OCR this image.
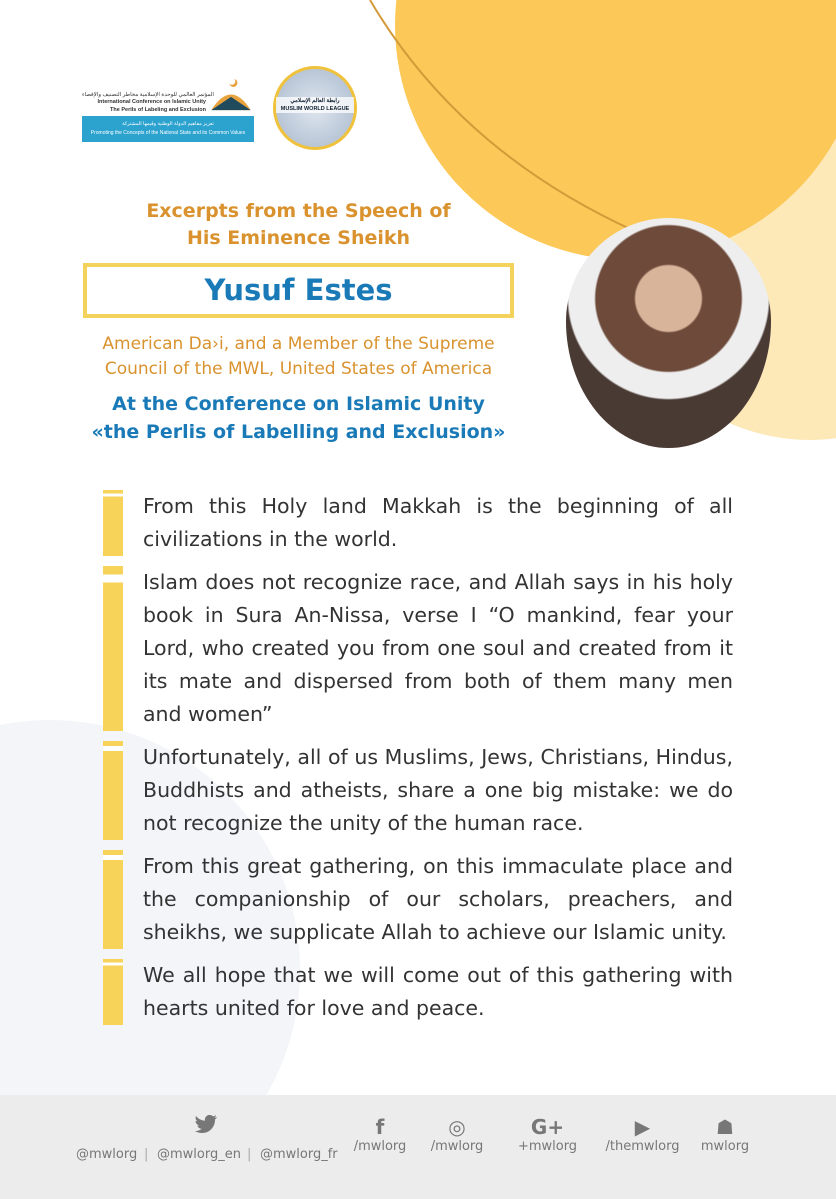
المؤتمر العالمي للوحدة الإسلامية مخاطر التصنيف والإقصاء
International Conference on Islamic Unity
The Perils of Labeling and Exclusion
تعزيز مفاهيم الدولة الوطنية وقيمها المشتركة
Promoting the Concepts of the National State and its Common Values
رابطة العالم الإسلامي
MUSLIM WORLD LEAGUE
Excerpts from the Speech of
His Eminence Sheikh
Yusuf Estes
American Da›i, and a Member of the Supreme
Council of the MWL, United States of America
At the Conference on Islamic Unity
«the Perlis of Labelling and Exclusion»
From this Holy land Makkah is the beginning of all civilizations in the world.
Islam does not recognize race, and Allah says in his holy book in Sura An-Nissa, verse I “O mankind, fear your Lord, who created you from one soul and created from it its mate and dispersed from both of them many men and women”
Unfortunately, all of us Muslims, Jews, Christians, Hindus, Buddhists and atheists, share a one big mistake: we do not recognize the unity of the human race.
From this great gathering, on this immaculate place and the companionship of our scholars, preachers, and sheikhs, we supplicate Allah to achieve our Islamic unity.
We all hope that we will come out of this gathering with hearts united for love and peace.
@mwlorg | @mwlorg_en | @mwlorg_fr
f
/mwlorg
◎
/mwlorg
G+
+mwlorg
▶
/themwlorg
☗
mwlorg
